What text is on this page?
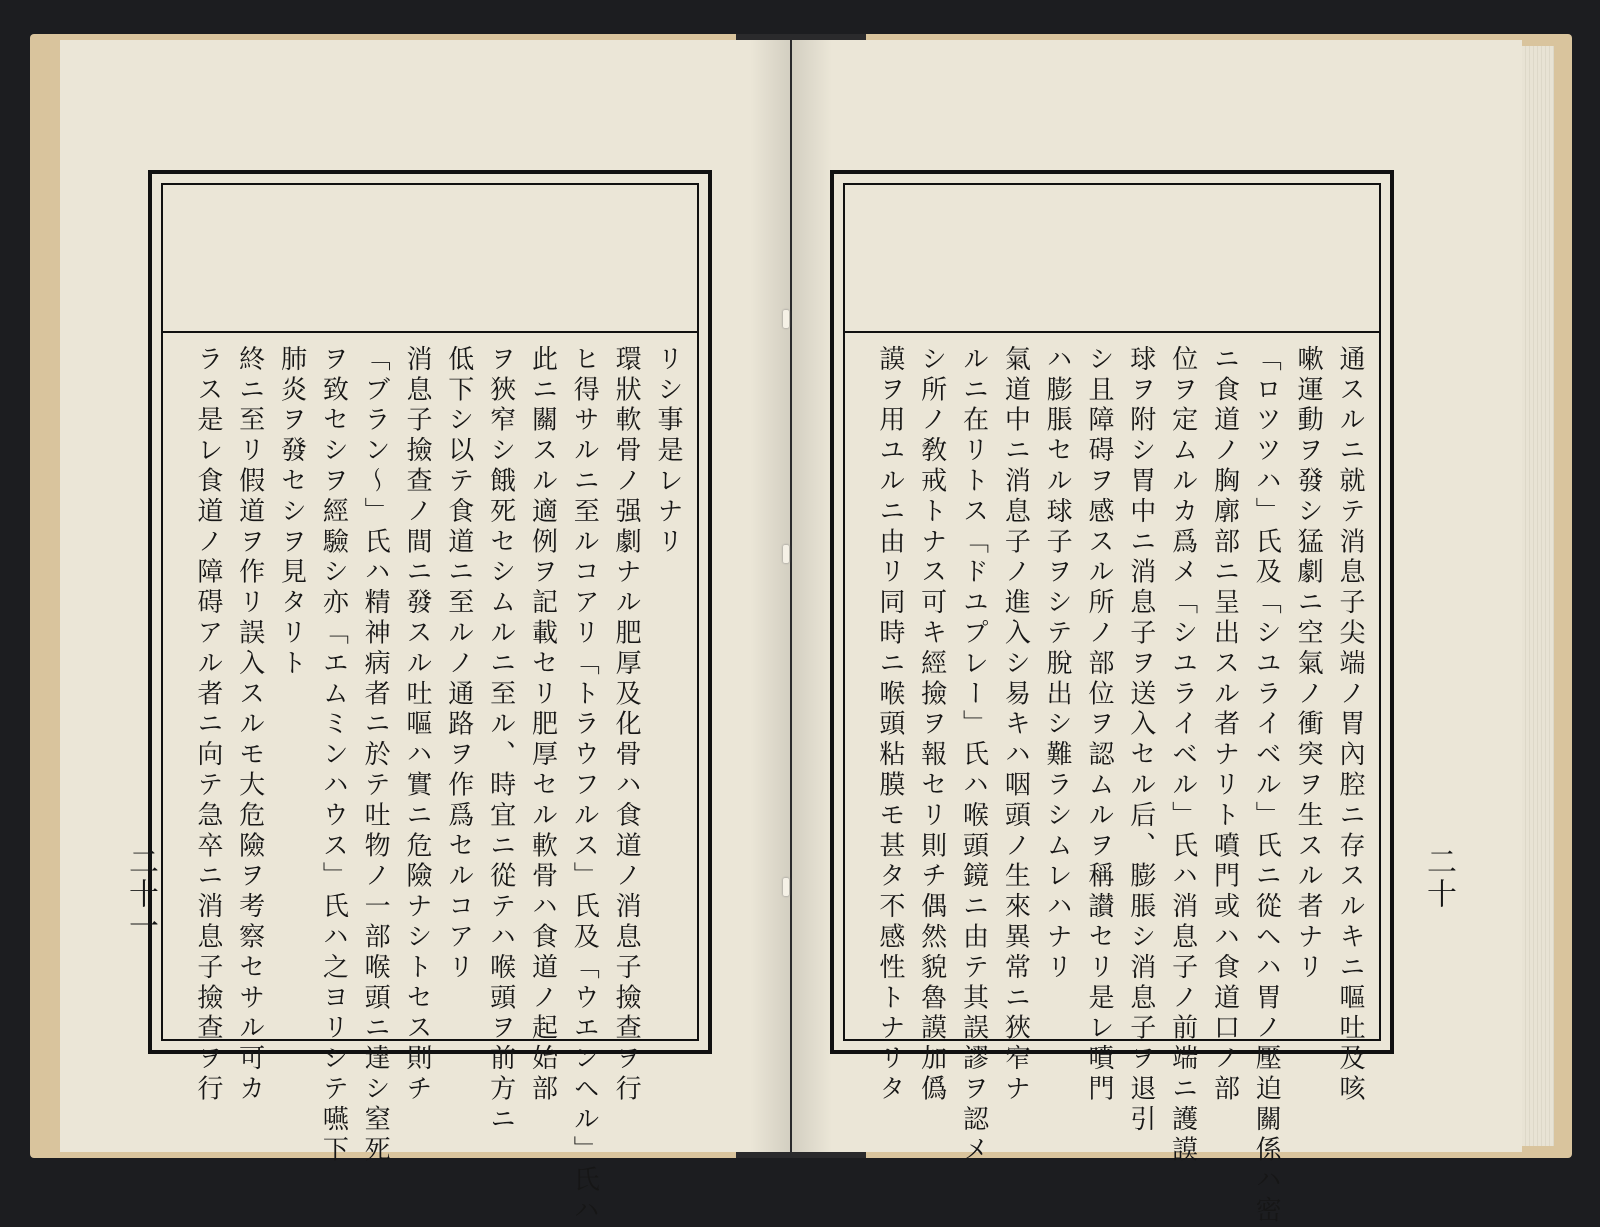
リシ事是レナリ
環狀軟骨ノ强劇ナル肥厚及化骨ハ食道ノ消息子撿查ヲ行
ヒ得サルニ至ルコアリ「トラウフルス」氏及「ウエンヘル」氏ハ
此ニ關スル適例ヲ記載セリ肥厚セル軟骨ハ食道ノ起始部
ヲ狹窄シ餓死セシムルニ至ル、時宜ニ從テハ喉頭ヲ前方ニ
低下シ以テ食道ニ至ルノ通路ヲ作爲セルコアリ
消息子撿查ノ間ニ發スル吐嘔ハ實ニ危險ナシトセス則チ
「ブラン〜」氏ハ精神病者ニ於テ吐物ノ一部喉頭ニ達シ窒死
ヲ致セシヲ經驗シ亦「エムミンハウス」氏ハ之ヨリシテ嚥下
肺炎ヲ發セシヲ見タリト
終ニ至リ假道ヲ作リ誤入スルモ大危險ヲ考察セサル可カ
ラス是レ食道ノ障碍アル者ニ向テ急卒ニ消息子撿查ヲ行
二十一	通スルニ就テ消息子尖端ノ胃內腔ニ存スルキニ嘔吐及咳
嗽運動ヲ發シ猛劇ニ空氣ノ衝突ヲ生スル者ナリ
「ロツツハ」氏及「シユライベル」氏ニ從ヘハ胃ノ壓迫關係ハ密
ニ食道ノ胸廓部ニ呈出スル者ナリト噴門或ハ食道口ノ部
位ヲ定ムルカ爲メ「シユライベル」氏ハ消息子ノ前端ニ護謨
球ヲ附シ胃中ニ消息子ヲ送入セル后、膨脹シ消息子ヲ退引
シ且障碍ヲ感スル所ノ部位ヲ認ムルヲ稱讃セリ是レ噴門
ハ膨脹セル球子ヲシテ脫出シ難ラシムレハナリ
氣道中ニ消息子ノ進入シ易キハ咽頭ノ生來異常ニ狹窄ナ
ルニ在リトス「ドユプレー」氏ハ喉頭鏡ニ由テ其誤謬ヲ認メ
シ所ノ敎戒トナス可キ經撿ヲ報セリ則チ偶然貌魯謨加僞
謨ヲ用ユルニ由リ同時ニ喉頭粘膜モ甚タ不感性トナリタ	二十
